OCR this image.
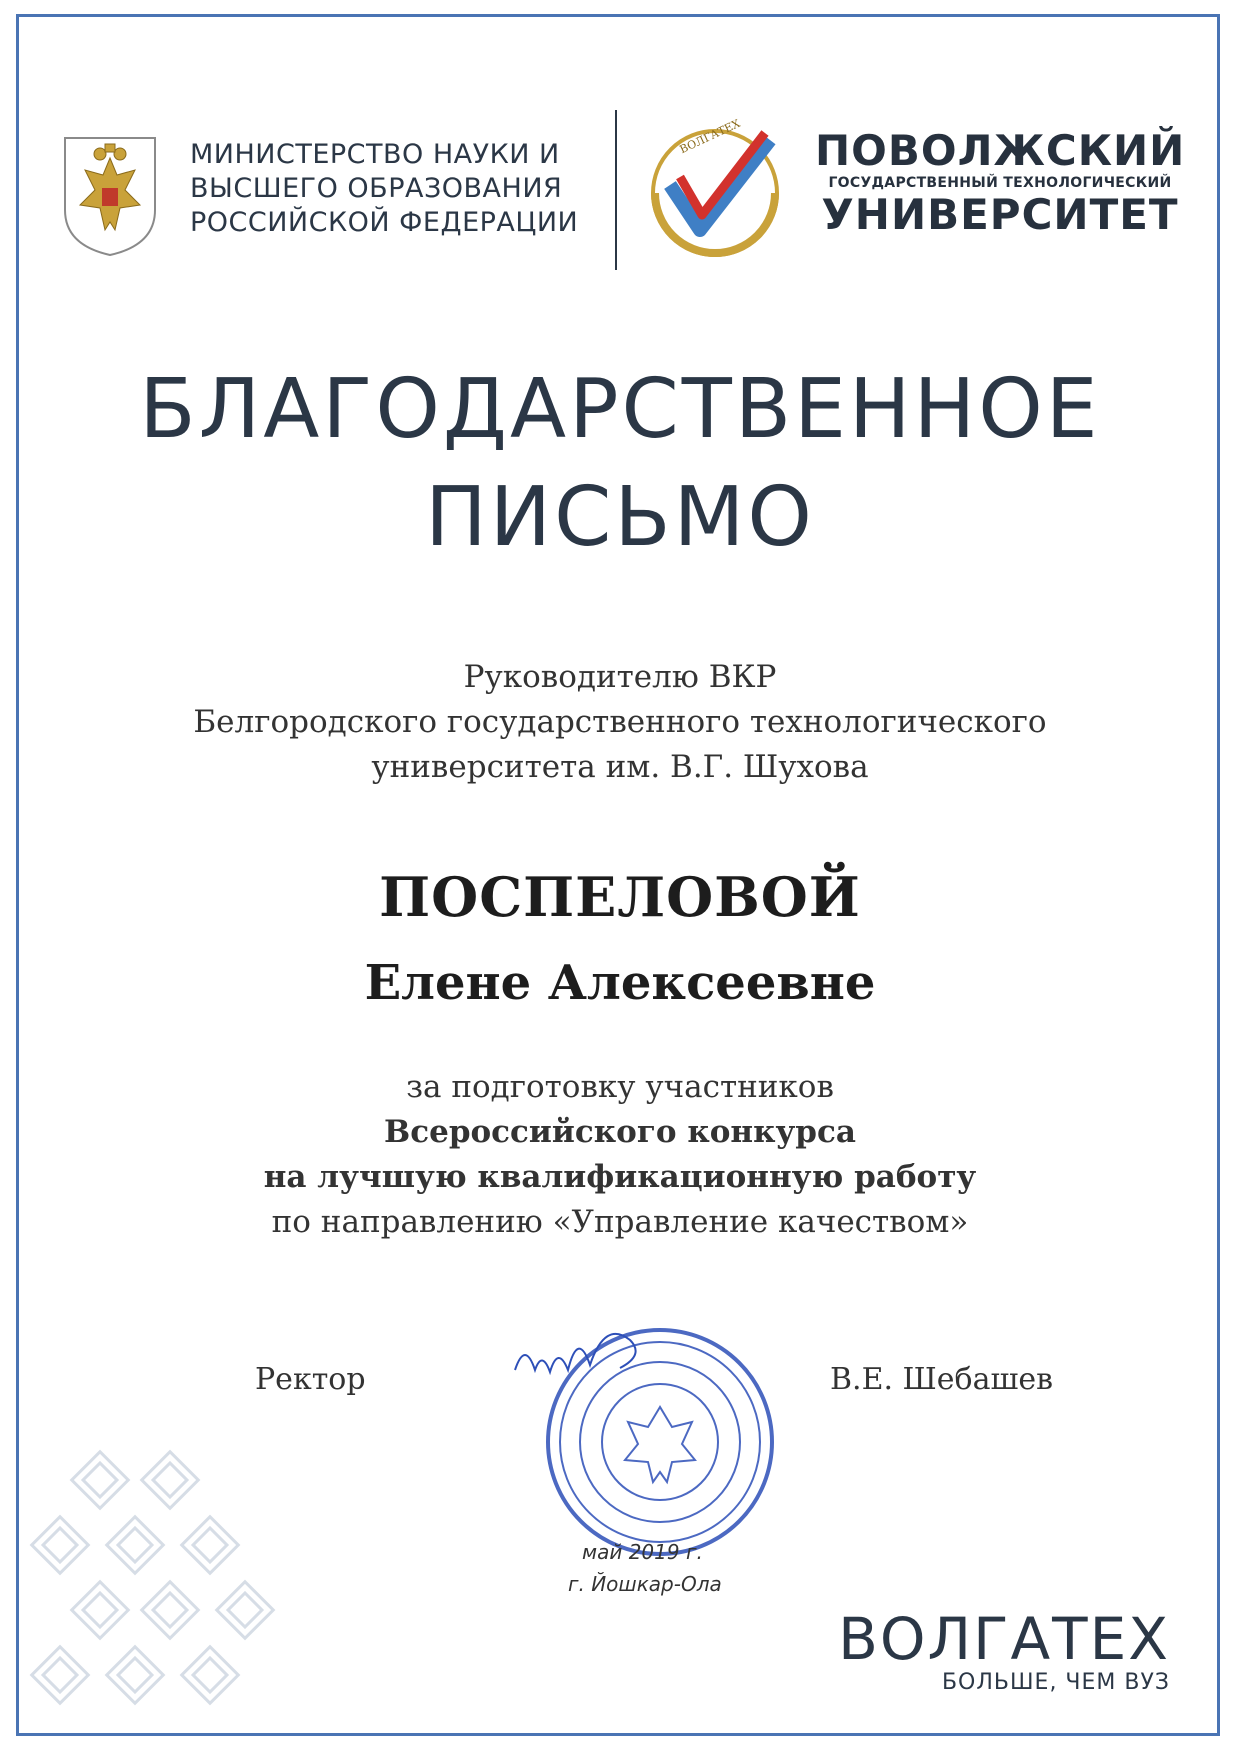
МИНИСТЕРСТВО НАУКИ И
ВЫСШЕГО ОБРАЗОВАНИЯ
РОССИЙСКОЙ ФЕДЕРАЦИИ
ВОЛГАТЕХ ПОВОЛЖСКИЙ
ГОСУДАРСТВЕННЫЙ ТЕХНОЛОГИЧЕСКИЙ
УНИВЕРСИТЕТ
БЛАГОДАРСТВЕННОЕ
ПИСЬМО
Руководителю ВКР
Белгородского государственного технологического
университета им. В.Г. Шухова
ПОСПЕЛОВОЙ
Елене Алексеевне
за подготовку участников
Всероссийского конкурса
на лучшую квалификационную работу
по направлению «Управление качеством»
Ректор	В.Е. Шебашев
май 2019 г.
г. Йошкар-Ола
ВОЛГАТЕХ
БОЛЬШЕ, ЧЕМ ВУЗ
